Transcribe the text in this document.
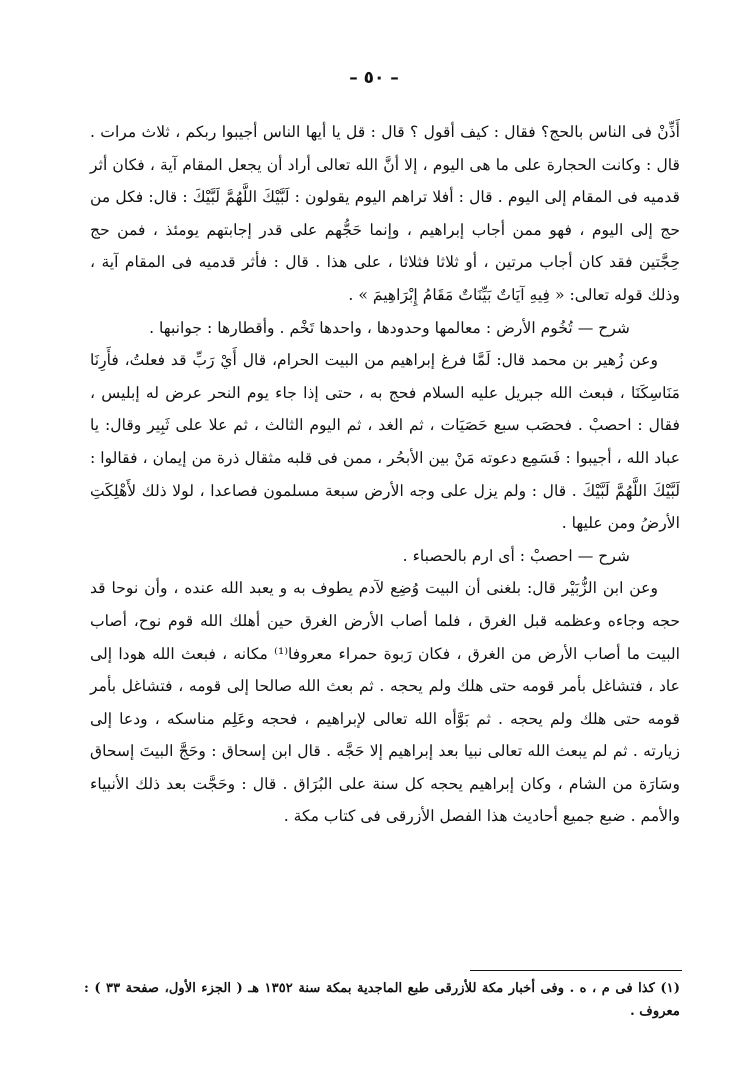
– ٥٠ –

أَذِّنْ فى الناس بالحج؟ فقال : كيف أقول ؟ قال : قل يا أيها الناس أجيبوا ربكم ، ثلاث مرات . قال : وكانت الحجارة على ما هى اليوم ، إلا أنَّ الله تعالى أراد أن يجعل المقام آية ، فكان أثر قدميه فى المقام إلى اليوم . قال : أفلا تراهم اليوم يقولون : لَبَّيْكَ اللَّهُمَّ لَبَّيْكَ : قال: فكل من حج إلى اليوم ، فهو ممن أجاب إبراهيم ، وإنما حَجُّهم على قدر إجابتهم يومئذ ، فمن حج حِجَّتين فقد كان أجاب مرتين ، أو ثلاثا فثلاثا ، على هذا . قال : فأثر قدميه فى المقام آية ، وذلك قوله تعالى: « فِيهِ آيَاتٌ بَيِّنَاتٌ مَقَامُ إِبْرَاهِيمَ » .

شرح — تُخُوم الأرض : معالمها وحدودها ، واحدها تَخْم . وأقطارها : جوانبها .

وعن زُهير بن محمد قال: لَمَّا فرغ إبراهيم من البيت الحرام، قال أَيْ رَبِّ قد فعلتُ، فأَرِنَا مَنَاسِكَنَا ، فبعث الله جبريل عليه السلام فحج به ، حتى إذا جاء يوم النحر عرض له إبليس ، فقال : احصبْ . فحصَب سبع حَصَيَات ، ثم الغد ، ثم اليوم الثالث ، ثم علا على ثَبِير وقال: يا عباد الله ، أجيبوا : فَسَمِع دعوته مَنْ بين الأبحُر ، ممن فى قلبه مثقال ذرة من إيمان ، فقالوا : لَبَّيْكَ اللَّهُمَّ لَبَّيْكَ . قال : ولم يزل على وجه الأرض سبعة مسلمون فصاعدا ، لولا ذلك لأَهْلِكَتِ الأرضُ ومن عليها .

شرح — احصبْ : أى ارم بالحصباء .

وعن ابن الزُّبَيْر قال: بلغنى أن البيت وُضِع لآدم يطوف به و يعبد الله عنده ، وأن نوحا قد حجه وجاءه وعظمه قبل الغرق ، فلما أصاب الأرض الغرق حين أهلك الله قوم نوح، أصاب البيت ما أصاب الأرض من الغرق ، فكان رَبوة حمراء معروفا⁽¹⁾ مكانه ، فبعث الله هودا إلى عاد ، فتشاغل بأمر قومه حتى هلك ولم يحجه . ثم بعث الله صالحا إلى قومه ، فتشاغل بأمر قومه حتى هلك ولم يحجه . ثم بَوَّأه الله تعالى لإبراهيم ، فحجه وعَلِم مناسكه ، ودعا إلى زيارته . ثم لم يبعث الله تعالى نبيا بعد إبراهيم إلا حَجَّه . قال ابن إسحاق : وحَجَّ البيتَ إسحاق وسَارَة من الشام ، وكان إبراهيم يحجه كل سنة على البُرَاق . قال : وحَجَّت بعد ذلك الأنبياء والأمم . ضبع جميع أحاديث هذا الفصل الأزرقى فى كتاب مكة .

(١) كذا فى م ، ه . وفى أخبار مكة للأزرقى طبع الماجدية بمكة سنة ١٣٥٢ هـ ( الجزء الأول، صفحة ٣٣ ) : معروف .
